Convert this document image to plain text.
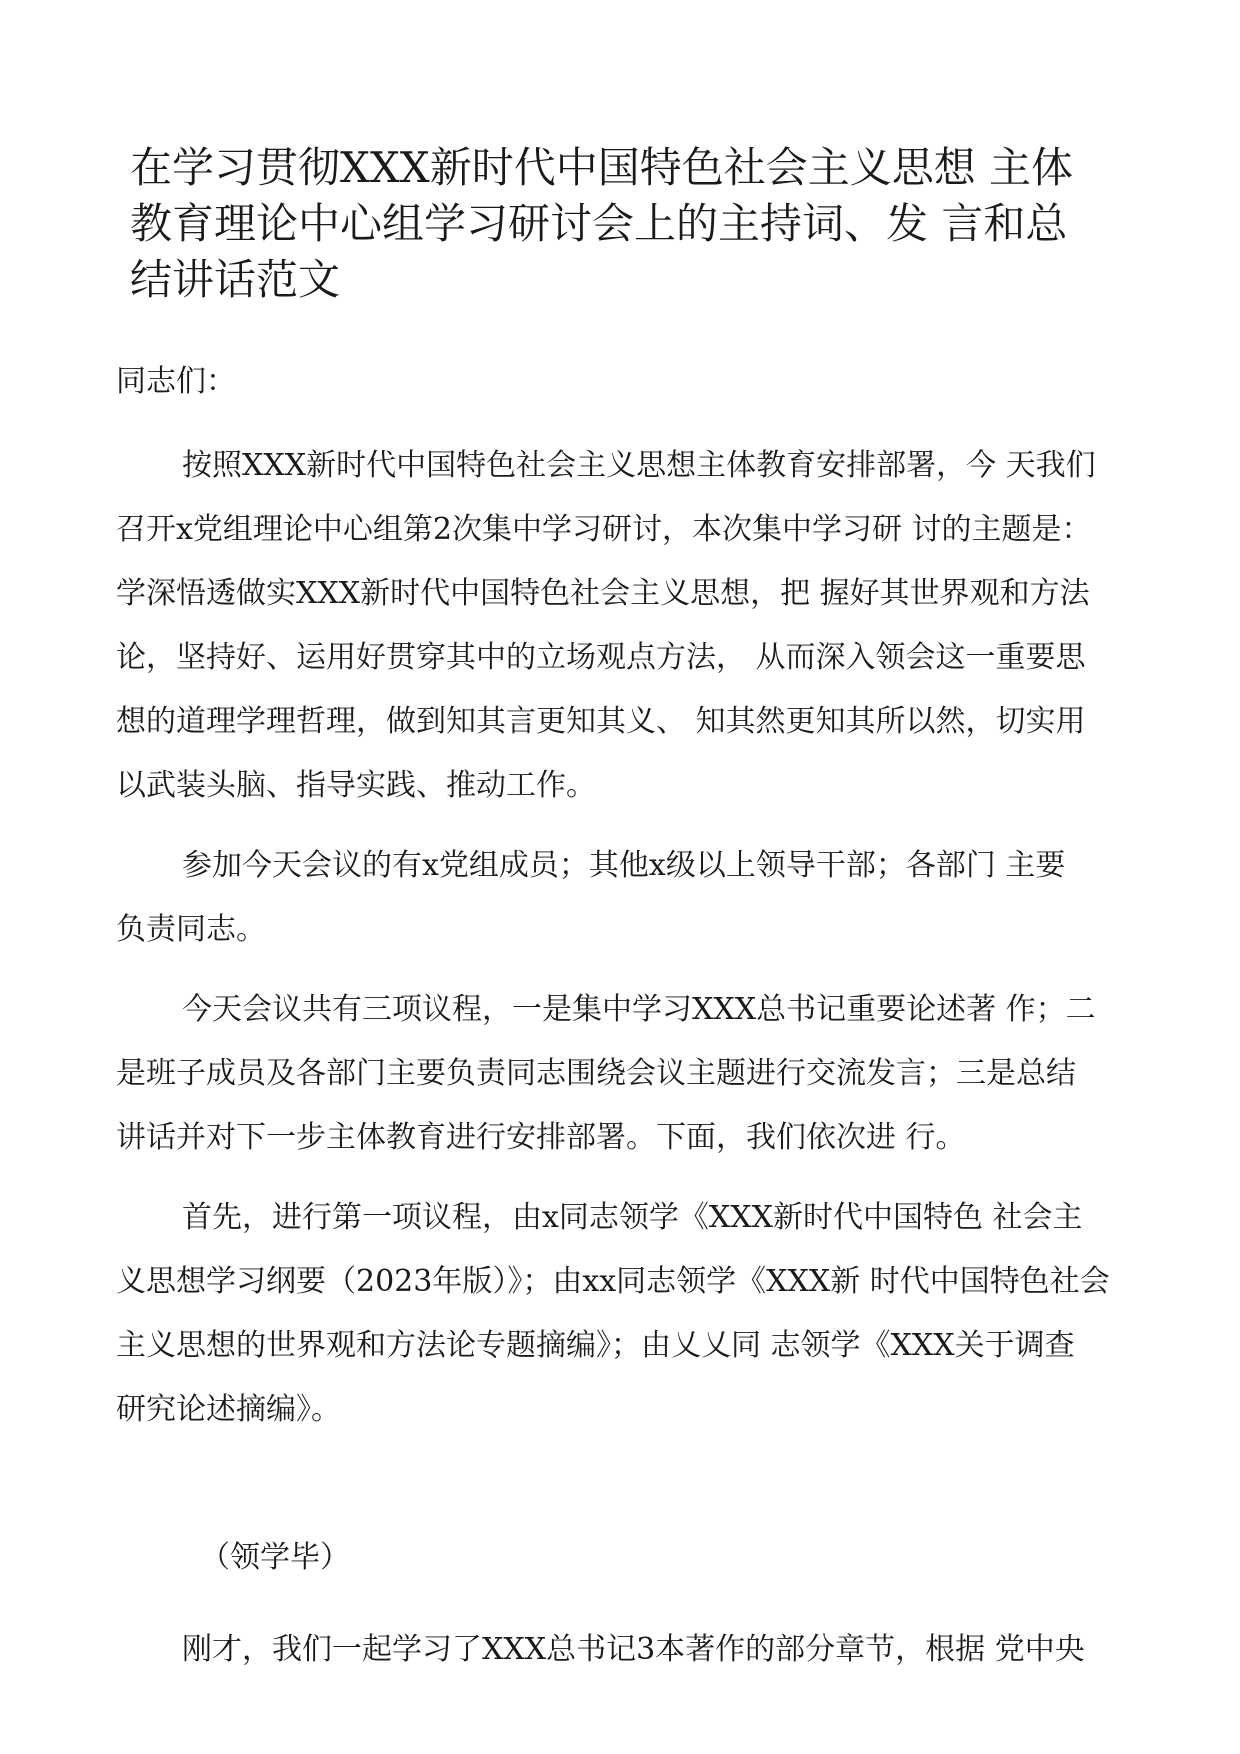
在学习贯彻XXX新时代中国特色社会主义思想 主体
教育理论中心组学习研讨会上的主持词、发 言和总
结讲话范文

同志们：

按照XXX新时代中国特色社会主义思想主体教育安排部署，今 天我们
召开x党组理论中心组第2次集中学习研讨，本次集中学习研 讨的主题是：
学深悟透做实XXX新时代中国特色社会主义思想，把 握好其世界观和方法
论，坚持好、运用好贯穿其中的立场观点方法， 从而深入领会这一重要思
想的道理学理哲理，做到知其言更知其义、 知其然更知其所以然，切实用
以武装头脑、指导实践、推动工作。

参加今天会议的有x党组成员；其他x级以上领导干部；各部门 主要
负责同志。

今天会议共有三项议程，一是集中学习XXX总书记重要论述著 作；二
是班子成员及各部门主要负责同志围绕会议主题进行交流发言；三是总结
讲话并对下一步主体教育进行安排部署。下面，我们依次进 行。

首先，进行第一项议程，由x同志领学《XXX新时代中国特色 社会主
义思想学习纲要（2023年版）》；由xx同志领学《XXX新 时代中国特色社会
主义思想的世界观和方法论专题摘编》；由乂乂同 志领学《XXX关于调查
研究论述摘编》。

（领学毕）

刚才，我们一起学习了XXX总书记3本著作的部分章节，根据 党中央
